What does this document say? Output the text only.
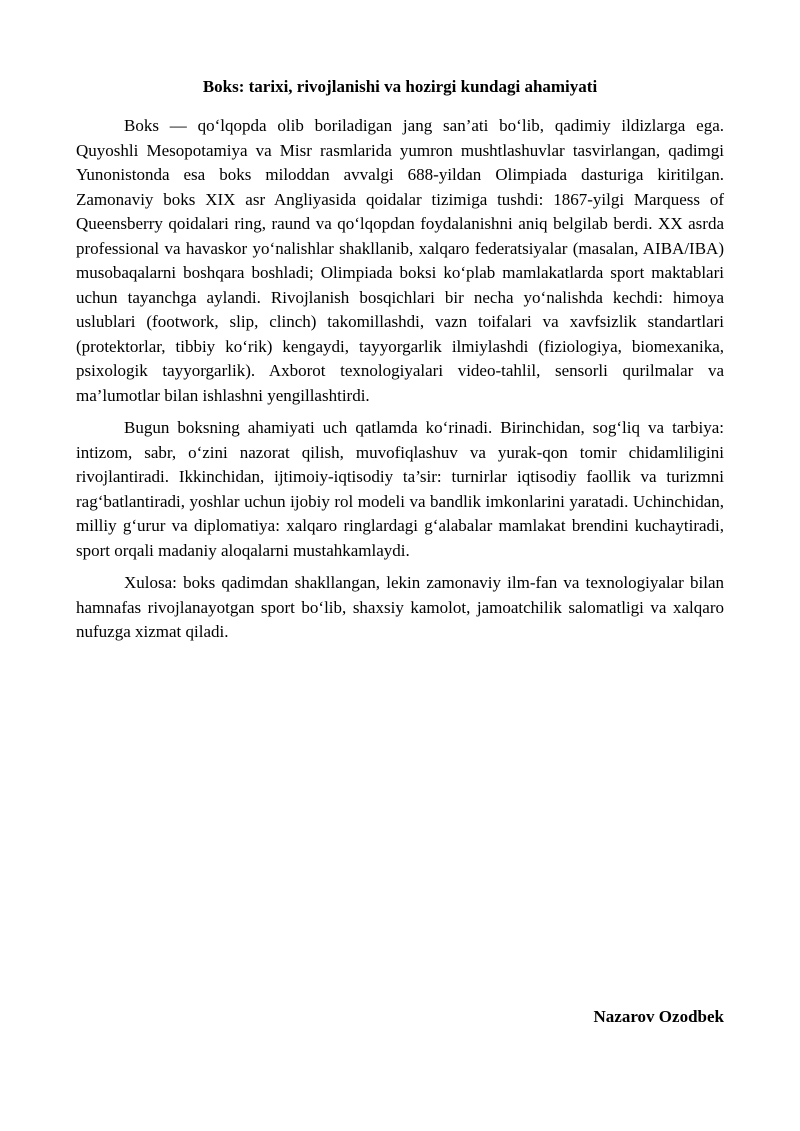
Boks: tarixi, rivojlanishi va hozirgi kundagi ahamiyati

Boks — qo‘lqopda olib boriladigan jang san’ati bo‘lib, qadimiy ildizlarga ega. Quyoshli Mesopotamiya va Misr rasmlarida yumron mushtlashuvlar tasvirlangan, qadimgi Yunonistonda esa boks miloddan avvalgi 688-yildan Olimpiada dasturiga kiritilgan. Zamonaviy boks XIX asr Angliyasida qoidalar tizimiga tushdi: 1867-yilgi Marquess of Queensberry qoidalari ring, raund va qo‘lqopdan foydalanishni aniq belgilab berdi. XX asrda professional va havaskor yo‘nalishlar shakllanib, xalqaro federatsiyalar (masalan, AIBA/IBA) musobaqalarni boshqara boshladi; Olimpiada boksi ko‘plab mamlakatlarda sport maktablari uchun tayanchga aylandi. Rivojlanish bosqichlari bir necha yo‘nalishda kechdi: himoya uslublari (footwork, slip, clinch) takomillashdi, vazn toifalari va xavfsizlik standartlari (protektorlar, tibbiy ko‘rik) kengaydi, tayyorgarlik ilmiylashdi (fiziologiya, biomexanika, psixologik tayyorgarlik). Axborot texnologiyalari video-tahlil, sensorli qurilmalar va ma’lumotlar bilan ishlashni yengillashtirdi.

Bugun boksning ahamiyati uch qatlamda ko‘rinadi. Birinchidan, sog‘liq va tarbiya: intizom, sabr, o‘zini nazorat qilish, muvofiqlashuv va yurak-qon tomir chidamliligini rivojlantiradi. Ikkinchidan, ijtimoiy-iqtisodiy ta’sir: turnirlar iqtisodiy faollik va turizmni rag‘batlantiradi, yoshlar uchun ijobiy rol modeli va bandlik imkonlarini yaratadi. Uchinchidan, milliy g‘urur va diplomatiya: xalqaro ringlardagi g‘alabalar mamlakat brendini kuchaytiradi, sport orqali madaniy aloqalarni mustahkamlaydi.

Xulosa: boks qadimdan shakllangan, lekin zamonaviy ilm-fan va texnologiyalar bilan hamnafas rivojlanayotgan sport bo‘lib, shaxsiy kamolot, jamoatchilik salomatligi va xalqaro nufuzga xizmat qiladi.

Nazarov Ozodbek
